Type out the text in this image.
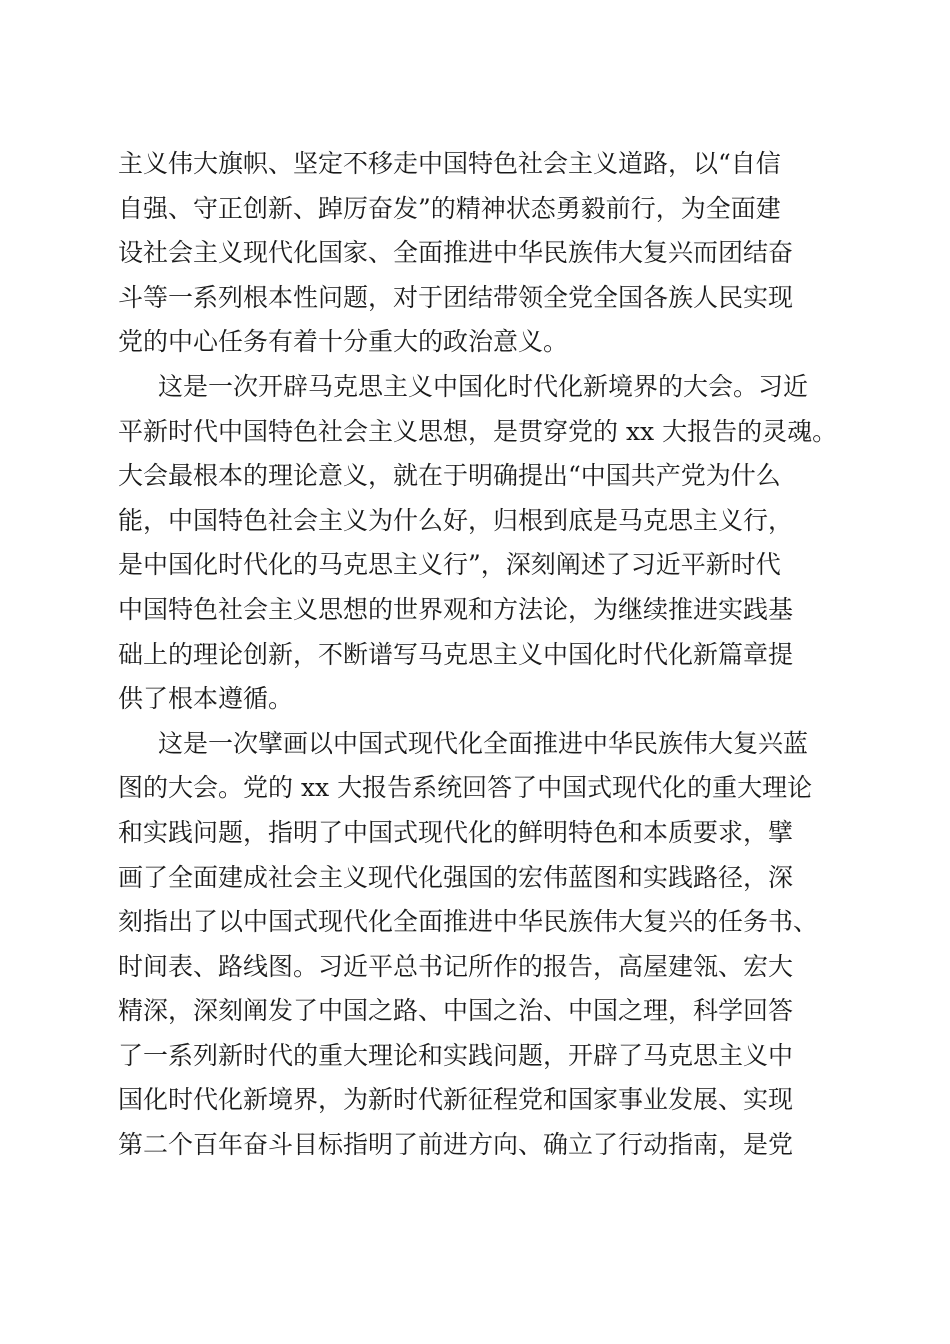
主义伟大旗帜、坚定不移走中国特色社会主义道路，以“自信
自强、守正创新、踔厉奋发”的精神状态勇毅前行，为全面建
设社会主义现代化国家、全面推进中华民族伟大复兴而团结奋
斗等一系列根本性问题，对于团结带领全党全国各族人民实现
党的中心任务有着十分重大的政治意义。
这是一次开辟马克思主义中国化时代化新境界的大会。习近
平新时代中国特色社会主义思想，是贯穿党的 xx 大报告的灵魂。
大会最根本的理论意义，就在于明确提出“中国共产党为什么
能，中国特色社会主义为什么好，归根到底是马克思主义行，
是中国化时代化的马克思主义行”，深刻阐述了习近平新时代
中国特色社会主义思想的世界观和方法论，为继续推进实践基
础上的理论创新，不断谱写马克思主义中国化时代化新篇章提
供了根本遵循。
这是一次擘画以中国式现代化全面推进中华民族伟大复兴蓝
图的大会。党的 xx 大报告系统回答了中国式现代化的重大理论
和实践问题，指明了中国式现代化的鲜明特色和本质要求，擘
画了全面建成社会主义现代化强国的宏伟蓝图和实践路径，深
刻指出了以中国式现代化全面推进中华民族伟大复兴的任务书、
时间表、路线图。习近平总书记所作的报告，高屋建瓴、宏大
精深，深刻阐发了中国之路、中国之治、中国之理，科学回答
了一系列新时代的重大理论和实践问题，开辟了马克思主义中
国化时代化新境界，为新时代新征程党和国家事业发展、实现
第二个百年奋斗目标指明了前进方向、确立了行动指南，是党
